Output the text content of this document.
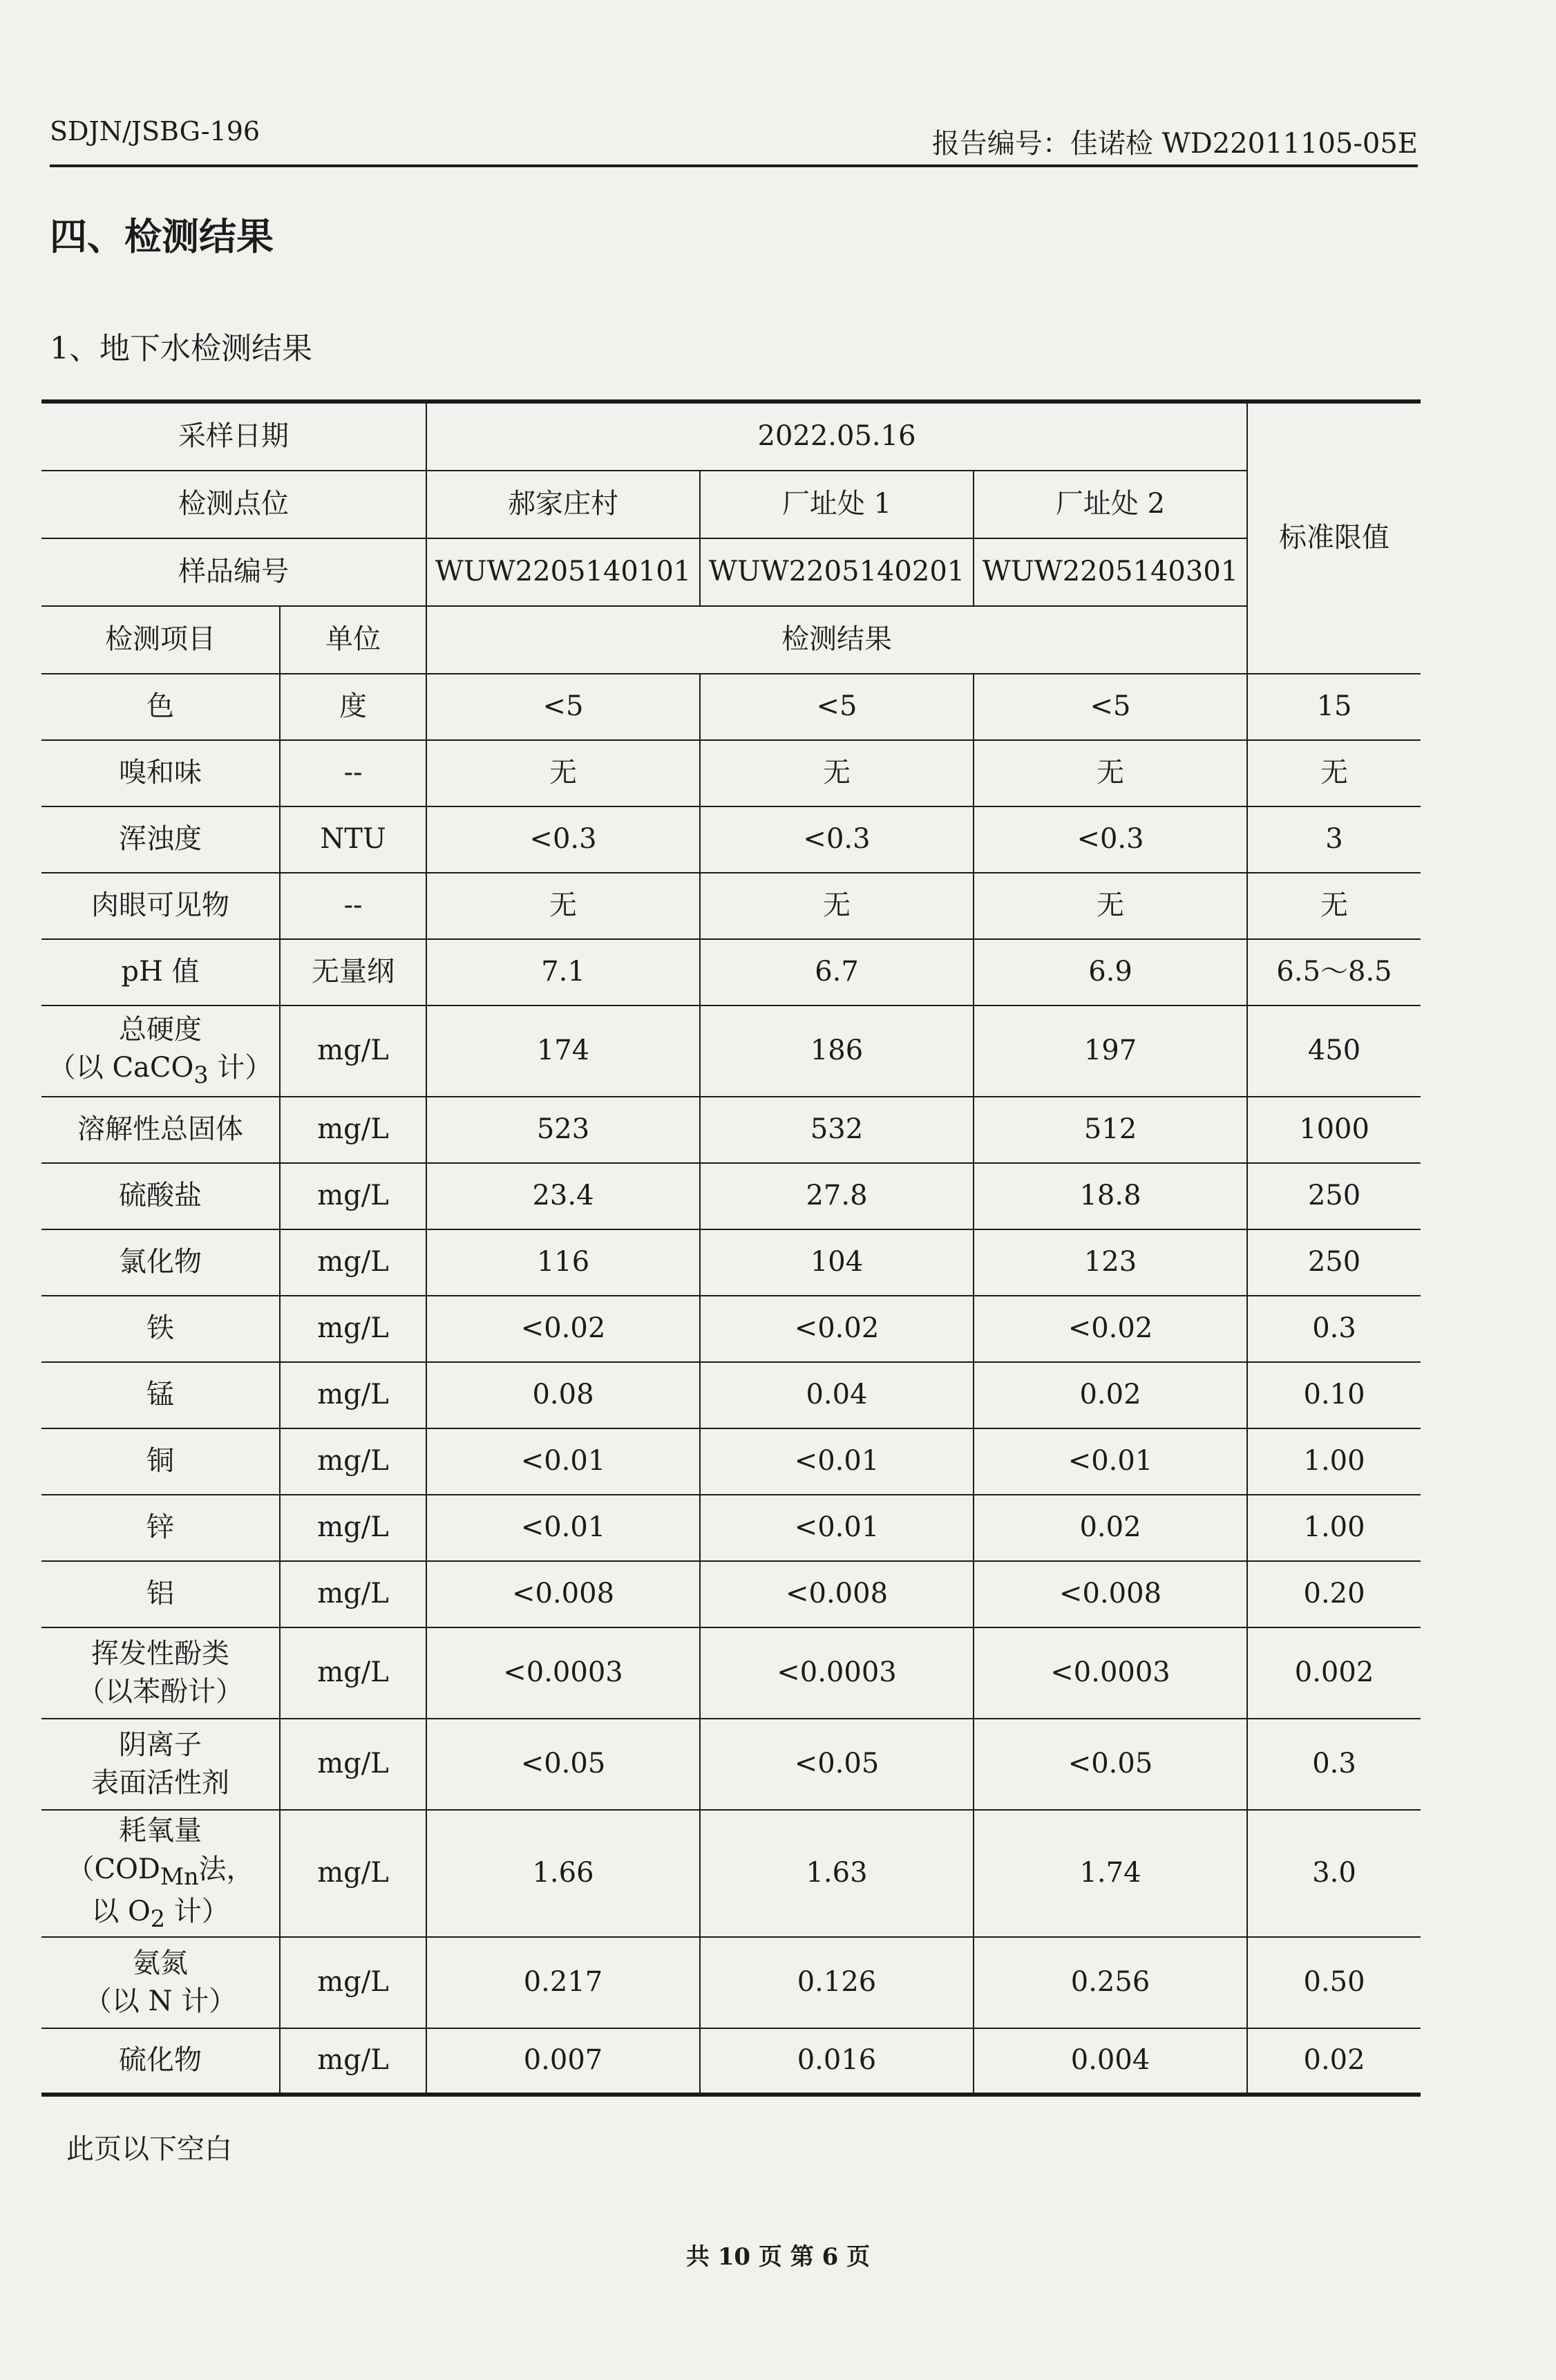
SDJN/JSBG-196	报告编号：佳诺检 WD22011105-05E
四、检测结果
1、地下水检测结果
采样日期		2022.05.16			标准限值
检测点位		郝家庄村	厂址处 1	厂址处 2	
样品编号		WUW2205140101	WUW2205140201	WUW2205140301	
检测项目	单位	检测结果			
色	度	<5	<5	<5	15
嗅和味	--	无	无	无	无
浑浊度	NTU	<0.3	<0.3	<0.3	3
肉眼可见物	--	无	无	无	无
pH 值	无量纲	7.1	6.7	6.9	6.5～8.5

总硬度
（以 CaCO$_3$ 计）	mg/L	174	186	197	450
溶解性总固体	mg/L	523	532	512	1000
硫酸盐	mg/L	23.4	27.8	18.8	250
氯化物	mg/L	116	104	123	250
铁	mg/L	<0.02	<0.02	<0.02	0.3
锰	mg/L	0.08	0.04	0.02	0.10
铜	mg/L	<0.01	<0.01	<0.01	1.00
锌	mg/L	<0.01	<0.01	0.02	1.00
铝	mg/L	<0.008	<0.008	<0.008	0.20

挥发性酚类
（以苯酚计）	mg/L	<0.0003	<0.0003	<0.0003	0.002

阴离子
表面活性剂	mg/L	<0.05	<0.05	<0.05	0.3

耗氧量
（$COD_{Mn}$法，
以 $O_2$ 计）	mg/L	1.66	1.63	1.74	3.0

氨氮
（以 N 计）	mg/L	0.217	0.126	0.256	0.50
硫化物	mg/L	0.007	0.016	0.004	0.02
此页以下空白
共 10 页 第 6 页
